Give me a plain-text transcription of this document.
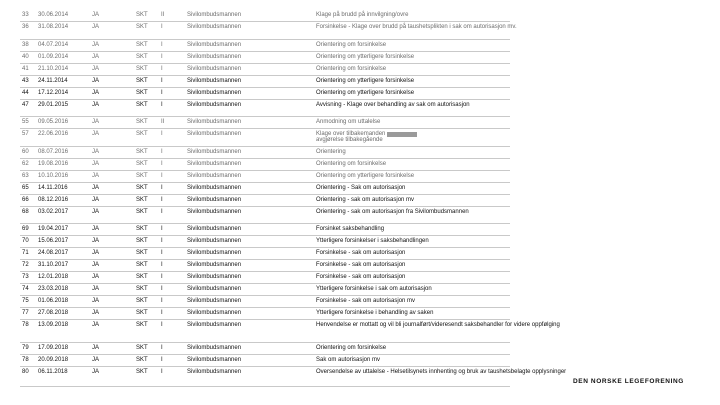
33 30.06.2014	JA	SKT II	Sivilombudsmannen	Klage på brudd på innvilgning/ovre
36 31.08.2014	JA	SKT I	Sivilombudsmannen	Forsinkelse - Klage over brudd på taushetsplikten i sak om autorisasjon mv.
38 04.07.2014	JA	SKT I	Sivilombudsmannen	Orientering om forsinkelse
40 01.09.2014	JA	SKT I	Sivilombudsmannen	Orientering om ytterligere forsinkelse
41 21.10.2014	JA	SKT I	Sivilombudsmannen	Orientering om forsinkelse
43 24.11.2014	JA	SKT I	Sivilombudsmannen	Orientering om ytterligere forsinkelse
44 17.12.2014	JA	SKT I	Sivilombudsmannen	Orientering om ytterligere forsinkelse
47 29.01.2015	JA	SKT I	Sivilombudsmannen	Avvisning - Klage over behandling av sak om autorisasjon
55 09.05.2016	JA	SKT II	Sivilombudsmannen	Anmodning om uttalelse
57 22.06.2016	JA	SKT I	Sivilombudsmannen	Klage over tilbakemanden

avgjørelse tilbakegående
60 08.07.2016	JA	SKT I	Sivilombudsmannen	Orientering
62 19.08.2016	JA	SKT I	Sivilombudsmannen	Orientering om forsinkelse
63 10.10.2016	JA	SKT I	Sivilombudsmannen	Orientering om ytterligere forsinkelse
65 14.11.2016	JA	SKT I	Sivilombudsmannen	Orientering - Sak om autorisasjon
66 08.12.2016	JA	SKT I	Sivilombudsmannen	Orientering - sak om autorisasjon mv
68 03.02.2017	JA	SKT I	Sivilombudsmannen	Orientering - sak om autorisasjon fra Sivilombudsmannen
69 19.04.2017	JA	SKT I	Sivilombudsmannen	Forsinket saksbehandling
70 15.06.2017	JA	SKT I	Sivilombudsmannen	Ytterligere forsinkelser i saksbehandlingen
71 24.08.2017	JA	SKT I	Sivilombudsmannen	Forsinkelse - sak om autorisasjon
72 31.10.2017	JA	SKT I	Sivilombudsmannen	Forsinkelse - sak om autorisasjon
73 12.01.2018	JA	SKT I	Sivilombudsmannen	Forsinkelse - sak om autorisasjon
74 23.03.2018	JA	SKT I	Sivilombudsmannen	Ytterligere forsinkelse i sak om autorisasjon
75 01.06.2018	JA	SKT I	Sivilombudsmannen	Forsinkelse - sak om autorisasjon mv
77 27.08.2018	JA	SKT I	Sivilombudsmannen	Ytterligere forsinkelse i behandling av saken
78 13.09.2018	JA	SKT I	Sivilombudsmannen	Henvendelse er mottatt og vil bli journalført/videresendt saksbehandler for videre oppfølging
79 17.09.2018	JA	SKT I	Sivilombudsmannen	Orientering om forsinkelse
78 20.09.2018	JA	SKT I	Sivilombudsmannen	Sak om autorisasjon mv
80 06.11.2018	JA	SKT I	Sivilombudsmannen	Oversendelse av uttalelse - Helsetilsynets innhenting og bruk av taushetsbelagte opplysninger
DEN NORSKE LEGEFORENING
